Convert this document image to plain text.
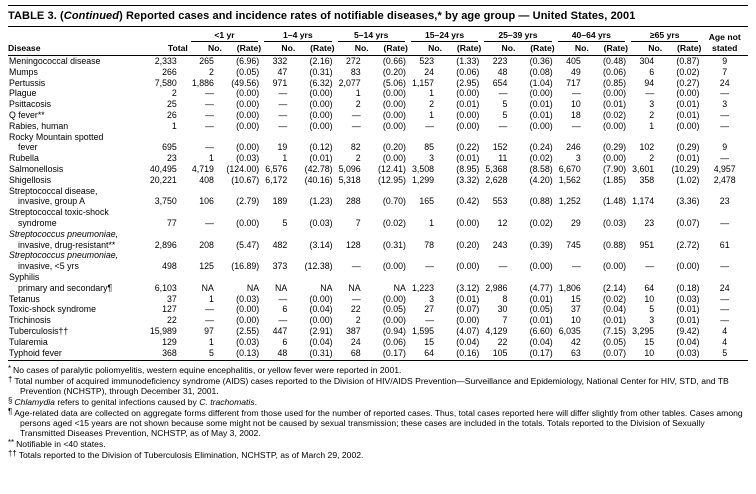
TABLE 3. (Continued) Reported cases and incidence rates of notifiable diseases,* by age group — United States, 2001

		<1 yr		1–4 yrs		5–14 yrs		15–24 yrs		25–39 yrs		40–64 yrs		≥65 yrs		Age not
Disease	Total	No.	(Rate)	No.	(Rate)	No.	(Rate)	No.	(Rate)	No.	(Rate)	No.	(Rate)	No.	(Rate)	stated
Meningococcal disease	2,333	265	(6.96)	332	(2.16)	272	(0.66)	523	(1.33)	223	(0.36)	405	(0.48)	304	(0.87)	9
Mumps	266	2	(0.05)	47	(0.31)	83	(0.20)	24	(0.06)	48	(0.08)	49	(0.06)	6	(0.02)	7
Pertussis	7,580	1,886	(49.56)	971	(6.32)	2,077	(5.06)	1,157	(2.95)	654	(1.04)	717	(0.85)	94	(0.27)	24
Plague	2	—	(0.00)	—	(0.00)	1	(0.00)	1	(0.00)	—	(0.00)	—	(0.00)	—	(0.00)	—
Psittacosis	25	—	(0.00)	—	(0.00)	2	(0.00)	2	(0.01)	5	(0.01)	10	(0.01)	3	(0.01)	3
Q fever**	26	—	(0.00)	—	(0.00)	—	(0.00)	1	(0.00)	5	(0.01)	18	(0.02)	2	(0.01)	—
Rabies, human	1	—	(0.00)	—	(0.00)	—	(0.00)	—	(0.00)	—	(0.00)	—	(0.00)	1	(0.00)	—
Rocky Mountain spotted																
fever	695	—	(0.00)	19	(0.12)	82	(0.20)	85	(0.22)	152	(0.24)	246	(0.29)	102	(0.29)	9
Rubella	23	1	(0.03)	1	(0.01)	2	(0.00)	3	(0.01)	11	(0.02)	3	(0.00)	2	(0.01)	—
Salmonellosis	40,495	4,719	(124.00)	6,576	(42.78)	5,096	(12.41)	3,508	(8.95)	5,368	(8.58)	6,670	(7.90)	3,601	(10.29)	4,957
Shigellosis	20,221	408	(10.67)	6,172	(40.16)	5,318	(12.95)	1,299	(3.32)	2,628	(4.20)	1,562	(1.85)	358	(1.02)	2,478
Streptococcal disease,																
invasive, group A	3,750	106	(2.79)	189	(1.23)	288	(0.70)	165	(0.42)	553	(0.88)	1,252	(1.48)	1,174	(3.36)	23
Streptococcal toxic-shock																
syndrome	77	—	(0.00)	5	(0.03)	7	(0.02)	1	(0.00)	12	(0.02)	29	(0.03)	23	(0.07)	—
Streptococcus pneumoniae,																
invasive, drug-resistant**	2,896	208	(5.47)	482	(3.14)	128	(0.31)	78	(0.20)	243	(0.39)	745	(0.88)	951	(2.72)	61
Streptococcus pneumoniae,																
invasive, <5 yrs	498	125	(16.89)	373	(12.38)	—	(0.00)	—	(0.00)	—	(0.00)	—	(0.00)	—	(0.00)	—
Syphilis																
primary and secondary¶	6,103	NA	NA	NA	NA	NA	NA	1,223	(3.12)	2,986	(4.77)	1,806	(2.14)	64	(0.18)	24
Tetanus	37	1	(0.03)	—	(0.00)	—	(0.00)	3	(0.01)	8	(0.01)	15	(0.02)	10	(0.03)	—
Toxic-shock syndrome	127	—	(0.00)	6	(0.04)	22	(0.05)	27	(0.07)	30	(0.05)	37	(0.04)	5	(0.01)	—
Trichinosis	22	—	(0.00)	—	(0.00)	2	(0.00)	—	(0.00)	7	(0.01)	10	(0.01)	3	(0.01)	—
Tuberculosis††	15,989	97	(2.55)	447	(2.91)	387	(0.94)	1,595	(4.07)	4,129	(6.60)	6,035	(7.15)	3,295	(9.42)	4
Tularemia	129	1	(0.03)	6	(0.04)	24	(0.06)	15	(0.04)	22	(0.04)	42	(0.05)	15	(0.04)	4
Typhoid fever	368	5	(0.13)	48	(0.31)	68	(0.17)	64	(0.16)	105	(0.17)	63	(0.07)	10	(0.03)	5

* No cases of paralytic poliomyelitis, western equine encephalitis, or yellow fever were reported in 2001.

† Total number of acquired immunodeficiency syndrome (AIDS) cases reported to the Division of HIV/AIDS Prevention—Surveillance and Epidemiology, National Center for HIV, STD, and TB Prevention (NCHSTP), through December 31, 2001.

§ Chlamydia refers to genital infections caused by C. trachomatis.

¶ Age-related data are collected on aggregate forms different from those used for the number of reported cases. Thus, total cases reported here will differ slightly from other tables. Cases among persons aged <15 years are not shown because some might not be caused by sexual transmission; these cases are included in the totals. Totals reported to the Division of Sexually Transmitted Diseases Prevention, NCHSTP, as of May 3, 2002.

** Notifiable in <40 states.

†† Totals reported to the Division of Tuberculosis Elimination, NCHSTP, as of March 29, 2002.
